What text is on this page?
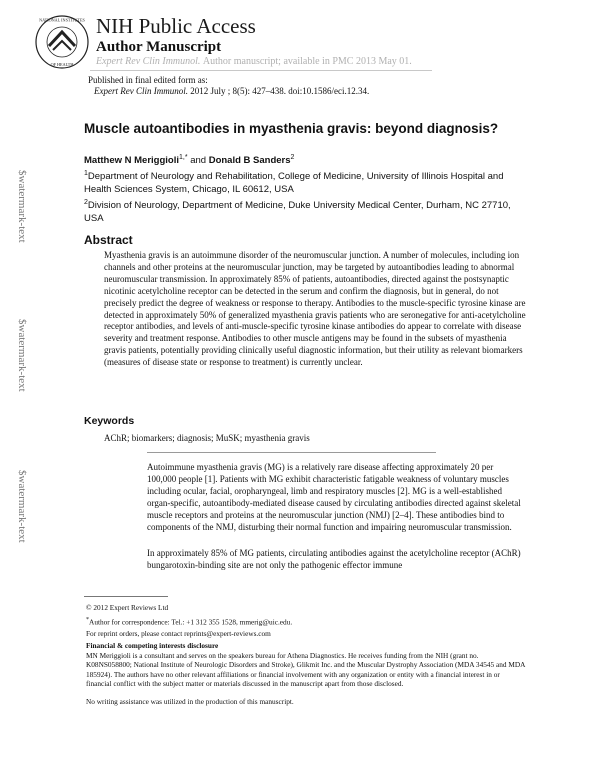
NATIONAL INSTITUTES
OF HEALTH
NIH Public Access
Author Manuscript
Expert Rev Clin Immunol. Author manuscript; available in PMC 2013 May 01.
Published in final edited form as:
Expert Rev Clin Immunol. 2012 July ; 8(5): 427–438. doi:10.1586/eci.12.34.
$watermark-text
$watermark-text
$watermark-text
Muscle autoantibodies in myasthenia gravis: beyond diagnosis?
Matthew N Meriggioli$^{1,*}$ and Donald B Sanders$^2$
$^1$Department of Neurology and Rehabilitation, College of Medicine, University of Illinois Hospital and Health Sciences System, Chicago, IL 60612, USA
$^2$Division of Neurology, Department of Medicine, Duke University Medical Center, Durham, NC 27710, USA
Abstract
Myasthenia gravis is an autoimmune disorder of the neuromuscular junction. A number of molecules, including ion channels and other proteins at the neuromuscular junction, may be targeted by autoantibodies leading to abnormal neuromuscular transmission. In approximately 85% of patients, autoantibodies, directed against the postsynaptic nicotinic acetylcholine receptor can be detected in the serum and confirm the diagnosis, but in general, do not precisely predict the degree of weakness or response to therapy. Antibodies to the muscle-specific tyrosine kinase are detected in approximately 50% of generalized myasthenia gravis patients who are seronegative for anti-acetylcholine receptor antibodies, and levels of anti-muscle-specific tyrosine kinase antibodies do appear to correlate with disease severity and treatment response. Antibodies to other muscle antigens may be found in the subsets of myasthenia gravis patients, potentially providing clinically useful diagnostic information, but their utility as relevant biomarkers (measures of disease state or response to treatment) is currently unclear.
Keywords
AChR; biomarkers; diagnosis; MuSK; myasthenia gravis
Autoimmune myasthenia gravis (MG) is a relatively rare disease affecting approximately 20 per 100,000 people [1]. Patients with MG exhibit characteristic fatigable weakness of voluntary muscles including ocular, facial, oropharyngeal, limb and respiratory muscles [2]. MG is a well-established organ-specific, autoantibody-mediated disease caused by circulating antibodies directed against skeletal muscle receptors and proteins at the neuromuscular junction (NMJ) [2–4]. These antibodies bind to components of the NMJ, disturbing their normal function and impairing neuromuscular transmission.
In approximately 85% of MG patients, circulating antibodies against the acetylcholine receptor (AChR) bungarotoxin-binding site are not only the pathogenic effector immune
© 2012 Expert Reviews Ltd
*Author for correspondence: Tel.: +1 312 355 1528, mmerig@uic.edu.
For reprint orders, please contact reprints@expert-reviews.com
Financial & competing interests disclosure
MN Meriggioli is a consultant and serves on the speakers bureau for Athena Diagnostics. He receives funding from the NIH (grant no. K08NS058800; National Institute of Neurologic Disorders and Stroke), Glikmit Inc. and the Muscular Dystrophy Association (MDA 34545 and MDA 185924). The authors have no other relevant affiliations or financial involvement with any organization or entity with a financial interest in or financial conflict with the subject matter or materials discussed in the manuscript apart from those disclosed.
No writing assistance was utilized in the production of this manuscript.
